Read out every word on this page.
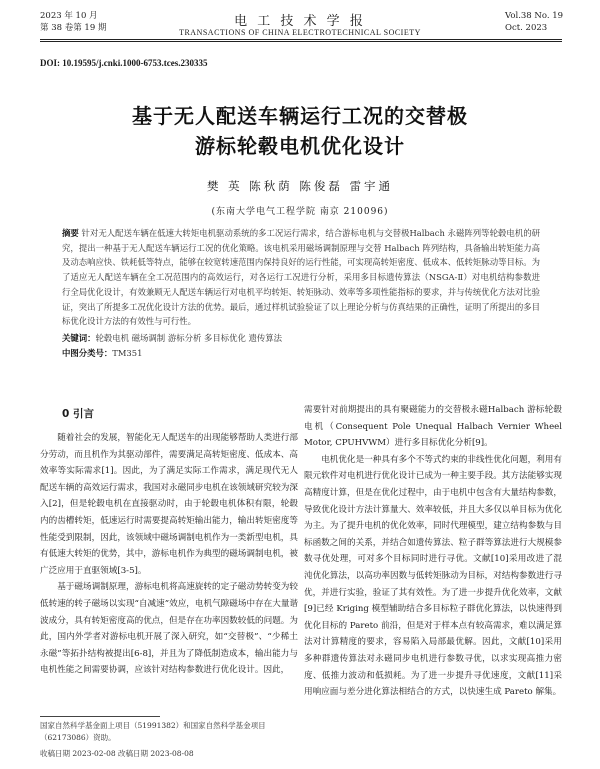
2023 年 10 月
第 38 卷第 19 期	电 工 技 术 学 报
TRANSACTIONS OF CHINA ELECTROTECHNICAL SOCIETY
Vol.38 No. 19
Oct. 2023
DOI: 10.19595/j.cnki.1000-6753.tces.230335
基于无人配送车辆运行工况的交替极
游标轮毂电机优化设计
樊 英 陈秋荫 陈俊磊 雷宇通
(东南大学电气工程学院 南京 210096)
摘要 针对无人配送车辆在低速大转矩电机驱动系统的多工况运行需求，结合游标电机与交替极Halbach 永磁阵列等轮毂电机的研究，提出一种基于无人配送车辆运行工况的优化策略。该电机采用磁场调制原理与交替 Halbach 阵列结构，具备输出转矩能力高及动态响应快、铁耗低等特点，能够在较宽转速范围内保持良好的运行性能，可实现高转矩密度、低成本、低转矩脉动等目标。为了适应无人配送车辆在全工况范围内的高效运行，对各运行工况进行分析，采用多目标遗传算法（NSGA-Ⅱ）对电机结构参数进行全局优化设计，有效兼顾无人配送车辆运行对电机平均转矩、转矩脉动、效率等多项性能指标的要求，并与传统优化方法对比验证，突出了所提多工况优化设计方法的优势。最后，通过样机试验验证了以上理论分析与仿真结果的正确性，证明了所提出的多目标优化设计方法的有效性与可行性。
关键词：轮毂电机 磁场调制 游标分析 多目标优化 遗传算法
中图分类号：TM351
0 引言

随着社会的发展，智能化无人配送车的出现能够帮助人类进行部分劳动，而且机作为其驱动部件，需要满足高转矩密度、低成本、高效率等实际需求[1]。因此，为了满足实际工作需求，满足现代无人配送车辆的高效运行需求，我国对永磁同步电机在该领域研究较为深入[2]，但是轮毂电机在直接驱动时，由于轮毂电机体积有限，轮毂内的齿槽转矩，低速运行时需要提高转矩输出能力，输出转矩密度等性能受到限制，因此，该领域中磁场调制电机作为一类新型电机，具有低速大转矩的优势，其中，游标电机作为典型的磁场调制电机，被广泛应用于直驱领域[3-5]。

基于磁场调制原理，游标电机将高速旋转的定子磁动势转变为较低转速的转子磁场以实现“自减速”效应，电机气隙磁场中存在大量谐波成分，具有转矩密度高的优点，但是存在功率因数较低的问题。为此，国内外学者对游标电机开展了深入研究，如“交替极”、“少稀土永磁”等拓扑结构被提出[6-8]，并且为了降低制造成本，输出能力与电机性能之间需要协调，应该针对结构参数进行优化设计。因此，

需要针对前期提出的具有聚磁能力的交替极永磁Halbach 游标轮毂电机（Consequent Pole Unequal Halbach Vernier Wheel Motor, CPUHVWM）进行多目标优化分析[9]。

电机优化是一种具有多个不等式约束的非线性优化问题，利用有限元软件对电机进行优化设计已成为一种主要手段。其方法能够实现高精度计算，但是在优化过程中，由于电机中包含有大量结构参数，导致优化设计方法计算量大、效率较低，并且大多仅以单目标为优化为主。为了提升电机的优化效率，同时代理模型，建立结构参数与目标函数之间的关系，并结合如遗传算法、粒子群等算法进行大规模参数寻优处理，可对多个目标同时进行寻优。文献[10]采用改进了混沌优化算法，以高功率因数与低转矩脉动为目标，对结构参数进行寻优，并进行实验，验证了其有效性。为了进一步提升优化效率，文献[9]已经 Kriging 模型辅助结合多目标粒子群优化算法，以快速得到优化目标的 Pareto 前沿，但是对于样本点有较高需求，难以满足算法对计算精度的要求，容易陷入局部最优解。因此，文献[10]采用多种群遗传算法对永磁同步电机进行参数寻优，以求实现高推力密度、低推力波动和低损耗。为了进一步提升寻优速度，文献[11]采用响应面与差分进化算法相结合的方式，以快速生成 Pareto 解集。

国家自然科学基金面上项目（51991382）和国家自然科学基金项目（62173086）资助。
收稿日期 2023-02-08 改稿日期 2023-08-08
